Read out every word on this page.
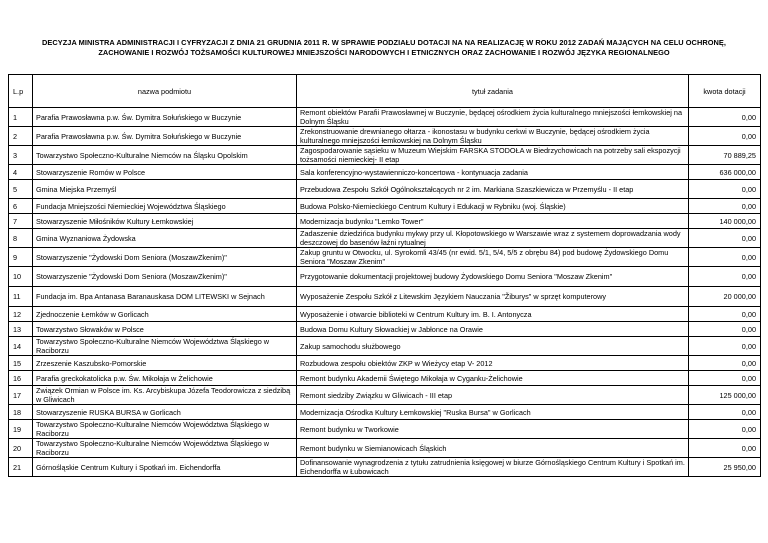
DECYZJA MINISTRA ADMINISTRACJI I CYFRYZACJI Z DNIA 21 GRUDNIA 2011 R. W SPRAWIE PODZIAŁU DOTACJI NA NA REALIZACJĘ W ROKU 2012 ZADAŃ MAJĄCYCH NA CELU OCHRONĘ,
ZACHOWANIE I ROZWÓJ TOŻSAMOŚCI KULTUROWEJ MNIEJSZOŚCI NARODOWYCH I ETNICZNYCH ORAZ ZACHOWANIE I ROZWÓJ JĘZYKA REGIONALNEGO
L.p	nazwa podmiotu	tytuł zadania	kwota dotacji
1	Parafia Prawosławna p.w. Św. Dymitra Sołuńskiego w Buczynie	Remont obiektów Parafii Prawosławnej w Buczynie, będącej ośrodkiem życia kulturalnego mniejszości łemkowskiej na Dolnym Śląsku	0,00
2	Parafia Prawosławna p.w. Św. Dymitra Sołuńskiego w Buczynie	Zrekonstruowanie drewnianego ołtarza - ikonostasu w budynku cerkwi w Buczynie, będącej ośrodkiem życia kulturalnego mniejszości łemkowskiej na Dolnym Śląsku	0,00
3	Towarzystwo Społeczno-Kulturalne Niemców na Śląsku Opolskim	Zagospodarowanie sąsieku w Muzeum Wiejskim FARSKA STODOŁA w Biedrzychowicach na potrzeby sali ekspozycji tożsamości niemieckiej- II etap	70 889,25
4	Stowarzyszenie Romów w Polsce	Sala konferencyjno-wystawienniczo-koncertowa - kontynuacja zadania	636 000,00
5	Gmina Miejska Przemyśl	Przebudowa Zespołu Szkół Ogólnokształcących nr 2 im. Markiana Szaszkiewicza w Przemyślu - II etap	0,00
6	Fundacja Mniejszości Niemieckiej Województwa Śląskiego	Budowa Polsko-Niemieckiego Centrum Kultury i Edukacji w Rybniku (woj. Śląskie)	0,00
7	Stowarzyszenie Miłośników Kultury Łemkowskiej	Modernizacja budynku "Lemko Tower"	140 000,00
8	Gmina Wyznaniowa Żydowska	Zadaszenie dziedzińca budynku mykwy przy ul. Kłopotowskiego w Warszawie wraz z systemem doprowadzania wody deszczowej do basenów łaźni rytualnej	0,00
9	Stowarzyszenie "Żydowski Dom Seniora (MoszawZkenim)"	Zakup gruntu w Otwocku, ul. Syrokomli 43/45 (nr ewid. 5/1, 5/4, 5/5 z obrębu 84) pod budowę Żydowskiego Domu Seniora "Moszaw Zkenim"	0,00
10	Stowarzyszenie "Żydowski Dom Seniora (MoszawZkenim)"	Przygotowanie dokumentacji projektowej budowy Żydowskiego Domu Seniora "Moszaw Zkenim"	0,00
11	Fundacja im. Bpa Antanasa Baranauskasa DOM LITEWSKI w Sejnach	Wyposażenie Zespołu Szkół z Litewskim Językiem Nauczania "Žiburys" w sprzęt komputerowy	20 000,00
12	Zjednoczenie Łemków w Gorlicach	Wyposażenie i otwarcie biblioteki w Centrum Kultury im. B. I. Antonycza	0,00
13	Towarzystwo Słowaków w Polsce	Budowa Domu Kultury Słowackiej w Jabłonce na Orawie	0,00
14	Towarzystwo Społeczno-Kulturalne Niemców Województwa Śląskiego w Raciborzu	Zakup samochodu służbowego	0,00
15	Zrzeszenie Kaszubsko-Pomorskie	Rozbudowa zespołu obiektów ZKP w Wieżycy etap V- 2012	0,00
16	Parafia greckokatolicka p.w. Św. Mikołaja w Żelichowie	Remont budynku Akademii Świętego Mikołaja w Cyganku-Żelichowie	0,00
17	Związek Ormian w Polsce im. Ks. Arcybiskupa Józefa Teodorowicza z siedzibą w Gliwicach	Remont siedziby Związku w Gliwicach - III etap	125 000,00
18	Stowarzyszenie RUSKA BURSA w Gorlicach	Modernizacja Ośrodka Kultury Łemkowskiej "Ruska Bursa" w Gorlicach	0,00
19	Towarzystwo Społeczno-Kulturalne Niemców Województwa Śląskiego w Raciborzu	Remont budynku w Tworkowie	0,00
20	Towarzystwo Społeczno-Kulturalne Niemców Województwa Śląskiego w Raciborzu	Remont budynku w Siemianowicach Śląskich	0,00
21	Górnośląskie Centrum Kultury i Spotkań im. Eichendorffa	Dofinansowanie wynagrodzenia z tytułu zatrudnienia księgowej w biurze Górnośląskiego Centrum Kultury i Spotkań im. Eichendorffa w Łubowicach	25 950,00
